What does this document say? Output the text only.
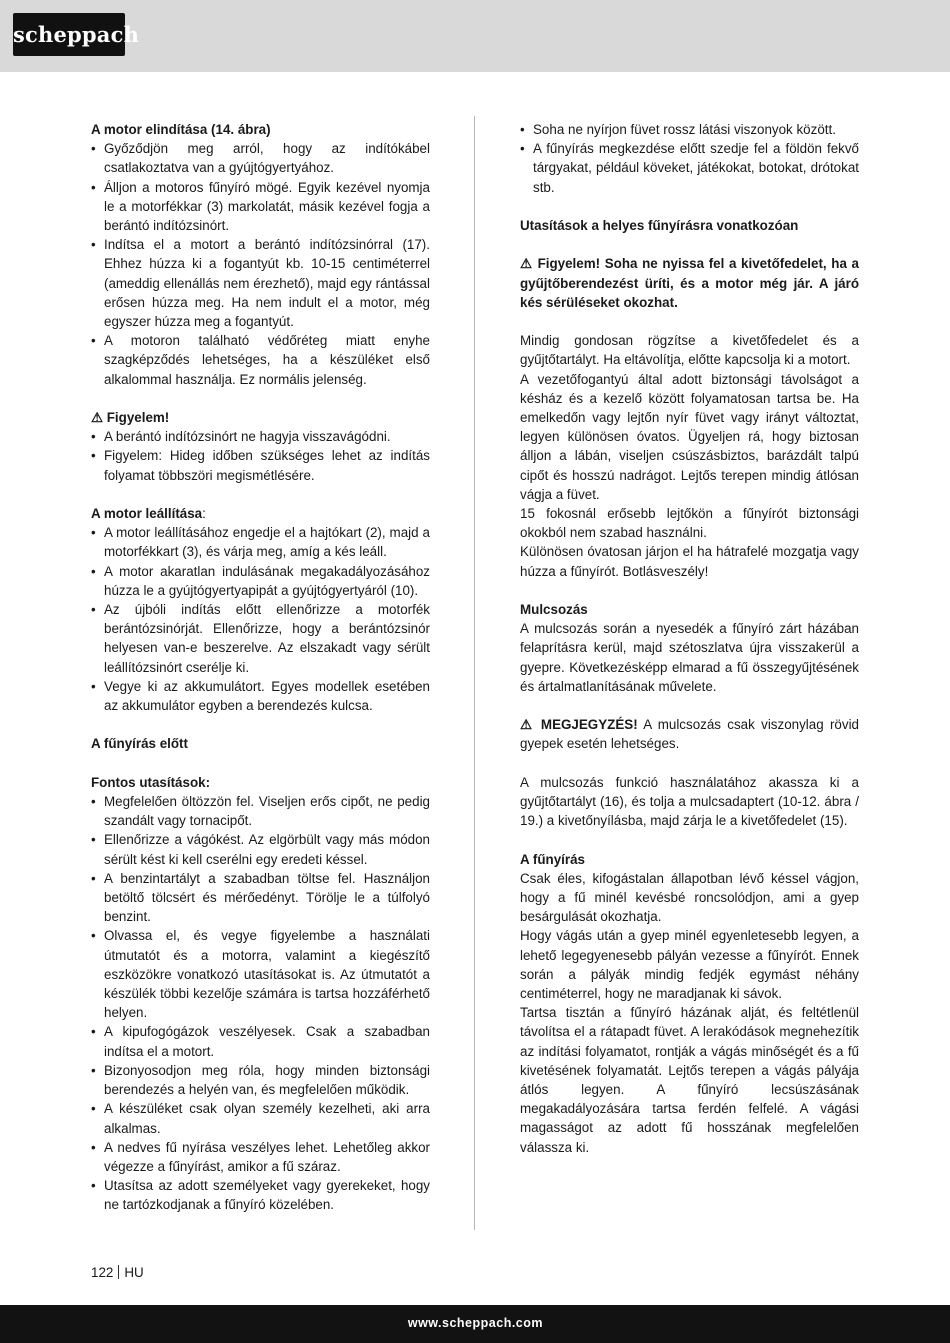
scheppach
A motor elindítása (14. ábra)
• Győződjön meg arról, hogy az indítókábel csatlakoztatva van a gyújtógyertyához.
• Álljon a motoros fűnyíró mögé. Egyik kezével nyomja le a motorfékkar (3) markolatát, másik kezével fogja a berántó indítózsinórt.
• Indítsa el a motort a berántó indítózsinórral (17). Ehhez húzza ki a fogantyút kb. 10-15 centiméterrel (ameddig ellenállás nem érezhető), majd egy rántással erősen húzza meg. Ha nem indult el a motor, még egyszer húzza meg a fogantyút.
• A motoron található védőréteg miatt enyhe szagképződés lehetséges, ha a készüléket első alkalommal használja. Ez normális jelenség.
⚠ Figyelem!
• A berántó indítózsinórt ne hagyja visszavágódni.
• Figyelem: Hideg időben szükséges lehet az indítás folyamat többszöri megismétlésére.
A motor leállítása:
• A motor leállításához engedje el a hajtókart (2), majd a motorfékkart (3), és várja meg, amíg a kés leáll.
• A motor akaratlan indulásának megakadályozásához húzza le a gyújtógyertyapipát a gyújtógyertyáról (10).
• Az újbóli indítás előtt ellenőrizze a motorfék berántózsinórját. Ellenőrizze, hogy a berántózsinór helyesen van-e beszerelve. Az elszakadt vagy sérült leállítózsinórt cserélje ki.
• Vegye ki az akkumulátort. Egyes modellek esetében az akkumulátor egyben a berendezés kulcsa.
A fűnyírás előtt
Fontos utasítások:
• Megfelelően öltözzön fel. Viseljen erős cipőt, ne pedig szandált vagy tornacipőt.
• Ellenőrizze a vágókést. Az elgörbült vagy más módon sérült kést ki kell cserélni egy eredeti késsel.
• A benzintartályt a szabadban töltse fel. Használjon betöltő tölcsért és mérőedényt. Törölje le a túlfolyó benzint.
• Olvassa el, és vegye figyelembe a használati útmutatót és a motorra, valamint a kiegészítő eszközökre vonatkozó utasításokat is. Az útmutatót a készülék többi kezelője számára is tartsa hozzáférhető helyen.
• A kipufogógázok veszélyesek. Csak a szabadban indítsa el a motort.
• Bizonyosodjon meg róla, hogy minden biztonsági berendezés a helyén van, és megfelelően működik.
• A készüléket csak olyan személy kezelheti, aki arra alkalmas.
• A nedves fű nyírása veszélyes lehet. Lehetőleg akkor végezze a fűnyírást, amikor a fű száraz.
• Utasítsa az adott személyeket vagy gyerekeket, hogy ne tartózkodjanak a fűnyíró közelében.
• Soha ne nyírjon füvet rossz látási viszonyok között.
• A fűnyírás megkezdése előtt szedje fel a földön fekvő tárgyakat, például köveket, játékokat, botokat, drótokat stb.
Utasítások a helyes fűnyírásra vonatkozóan

⚠ Figyelem! Soha ne nyissa fel a kivetőfedelet, ha a gyűjtőberendezést üríti, és a motor még jár. A járó kés sérüléseket okozhat.

Mindig gondosan rögzítse a kivetőfedelet és a gyűjtőtartályt. Ha eltávolítja, előtte kapcsolja ki a motort.

A vezetőfogantyú által adott biztonsági távolságot a késház és a kezelő között folyamatosan tartsa be. Ha emelkedőn vagy lejtőn nyír füvet vagy irányt változtat, legyen különösen óvatos. Ügyeljen rá, hogy biztosan álljon a lábán, viseljen csúszásbiztos, barázdált talpú cipőt és hosszú nadrágot. Lejtős terepen mindig átlósan vágja a füvet.

15 fokosnál erősebb lejtőkön a fűnyírót biztonsági okokból nem szabad használni.

Különösen óvatosan járjon el ha hátrafelé mozgatja vagy húzza a fűnyírót. Botlásveszély!

Mulcsozás

A mulcsozás során a nyesedék a fűnyíró zárt házában felaprításra kerül, majd szétoszlatva újra visszakerül a gyepre. Következésképp elmarad a fű összegyűjtésének és ártalmatlanításának művelete.

⚠ MEGJEGYZÉS! A mulcsozás csak viszonylag rövid gyepek esetén lehetséges.

A mulcsozás funkció használatához akassza ki a gyűjtőtartályt (16), és tolja a mulcsadaptert (10-12. ábra / 19.) a kivetőnyílásba, majd zárja le a kivetőfedelet (15).

A fűnyírás

Csak éles, kifogástalan állapotban lévő késsel vágjon, hogy a fű minél kevésbé roncsolódjon, ami a gyep besárgulását okozhatja.

Hogy vágás után a gyep minél egyenletesebb legyen, a lehető legegyenesebb pályán vezesse a fűnyírót. Ennek során a pályák mindig fedjék egymást néhány centiméterrel, hogy ne maradjanak ki sávok.

Tartsa tisztán a fűnyíró házának alját, és feltétlenül távolítsa el a rátapadt füvet. A lerakódások megnehezítik az indítási folyamatot, rontják a vágás minőségét és a fű kivetésének folyamatát. Lejtős terepen a vágás pályája átlós legyen. A fűnyíró lecsúszásának megakadályozására tartsa ferdén felfelé. A vágási magasságot az adott fű hosszának megfelelően válassza ki.

122 HU
www.scheppach.com
